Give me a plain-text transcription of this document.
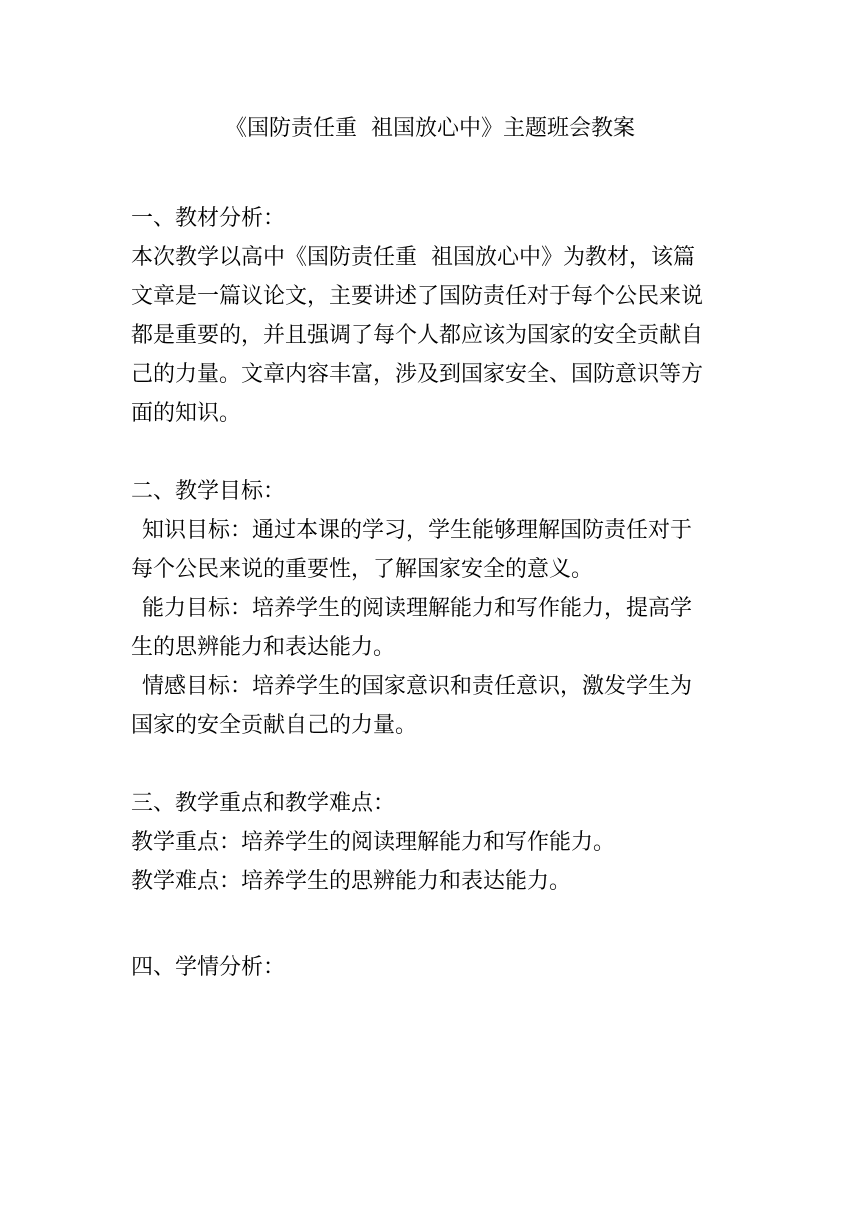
《国防责任重  祖国放心中》主题班会教案
一、教材分析：
本次教学以高中《国防责任重  祖国放心中》为教材，该篇
文章是一篇议论文，主要讲述了国防责任对于每个公民来说
都是重要的，并且强调了每个人都应该为国家的安全贡献自
己的力量。文章内容丰富，涉及到国家安全、国防意识等方
面的知识。
二、教学目标：
知识目标：通过本课的学习，学生能够理解国防责任对于
每个公民来说的重要性，了解国家安全的意义。
能力目标：培养学生的阅读理解能力和写作能力，提高学
生的思辨能力和表达能力。
情感目标：培养学生的国家意识和责任意识，激发学生为
国家的安全贡献自己的力量。
三、教学重点和教学难点：
教学重点：培养学生的阅读理解能力和写作能力。
教学难点：培养学生的思辨能力和表达能力。
四、学情分析：
